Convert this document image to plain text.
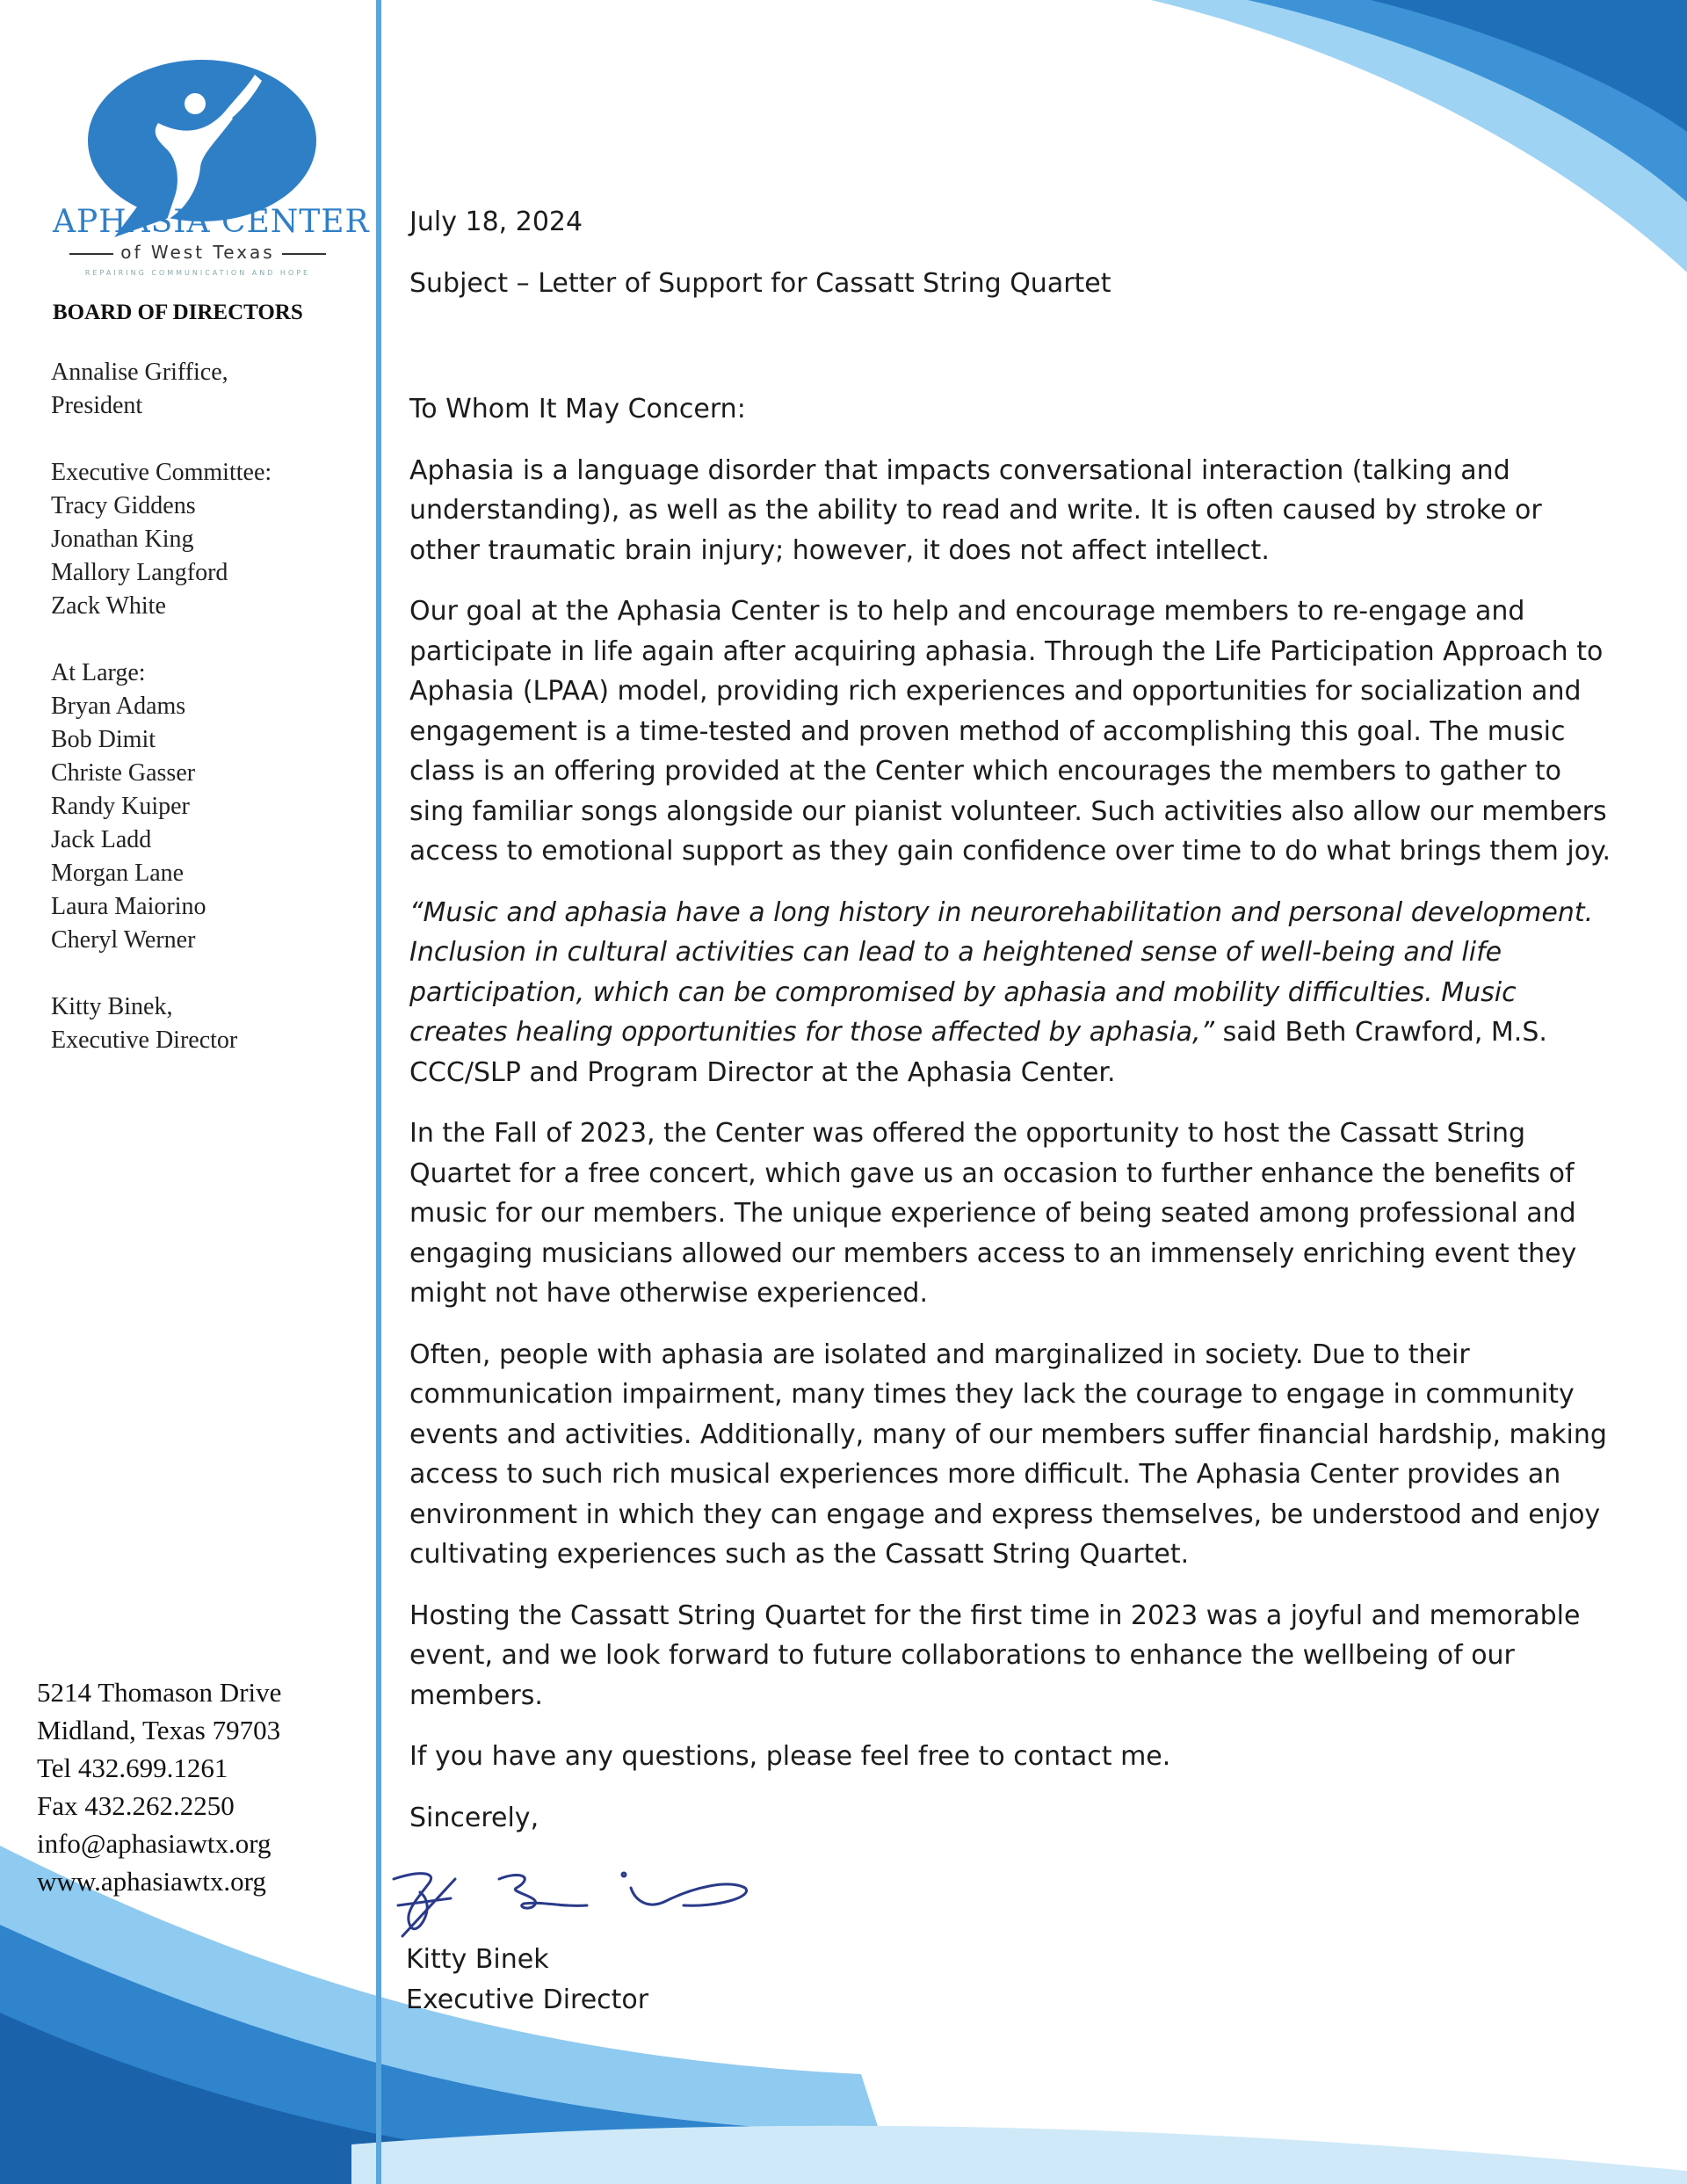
APHASIA CENTER
of West Texas
REPAIRING COMMUNICATION AND HOPE
BOARD OF DIRECTORS
Annalise Griffice,
President
Executive Committee:
Tracy Giddens
Jonathan King
Mallory Langford
Zack White
At Large:
Bryan Adams
Bob Dimit
Christe Gasser
Randy Kuiper
Jack Ladd
Morgan Lane
Laura Maiorino
Cheryl Werner
Kitty Binek,
Executive Director
5214 Thomason Drive
Midland, Texas 79703
Tel 432.699.1261
Fax 432.262.2250
info@aphasiawtx.org
www.aphasiawtx.org

July 18, 2024

Subject – Letter of Support for Cassatt String Quartet

To Whom It May Concern:

Aphasia is a language disorder that impacts conversational interaction (talking and understanding), as well as the ability to read and write. It is often caused by stroke or other traumatic brain injury; however, it does not affect intellect.

Our goal at the Aphasia Center is to help and encourage members to re-engage and participate in life again after acquiring aphasia. Through the Life Participation Approach to Aphasia (LPAA) model, providing rich experiences and opportunities for socialization and engagement is a time-tested and proven method of accomplishing this goal. The music class is an offering provided at the Center which encourages the members to gather to sing familiar songs alongside our pianist volunteer. Such activities also allow our members access to emotional support as they gain confidence over time to do what brings them joy.

“Music and aphasia have a long history in neurorehabilitation and personal development. Inclusion in cultural activities can lead to a heightened sense of well-being and life participation, which can be compromised by aphasia and mobility difficulties. Music creates healing opportunities for those affected by aphasia,” said Beth Crawford, M.S. CCC/SLP and Program Director at the Aphasia Center.

In the Fall of 2023, the Center was offered the opportunity to host the Cassatt String Quartet for a free concert, which gave us an occasion to further enhance the benefits of music for our members. The unique experience of being seated among professional and engaging musicians allowed our members access to an immensely enriching event they might not have otherwise experienced.

Often, people with aphasia are isolated and marginalized in society. Due to their communication impairment, many times they lack the courage to engage in community events and activities. Additionally, many of our members suffer financial hardship, making access to such rich musical experiences more difficult. The Aphasia Center provides an environment in which they can engage and express themselves, be understood and enjoy cultivating experiences such as the Cassatt String Quartet.

Hosting the Cassatt String Quartet for the first time in 2023 was a joyful and memorable event, and we look forward to future collaborations to enhance the wellbeing of our members.

If you have any questions, please feel free to contact me.

Sincerely,

Kitty Binek
Executive Director
